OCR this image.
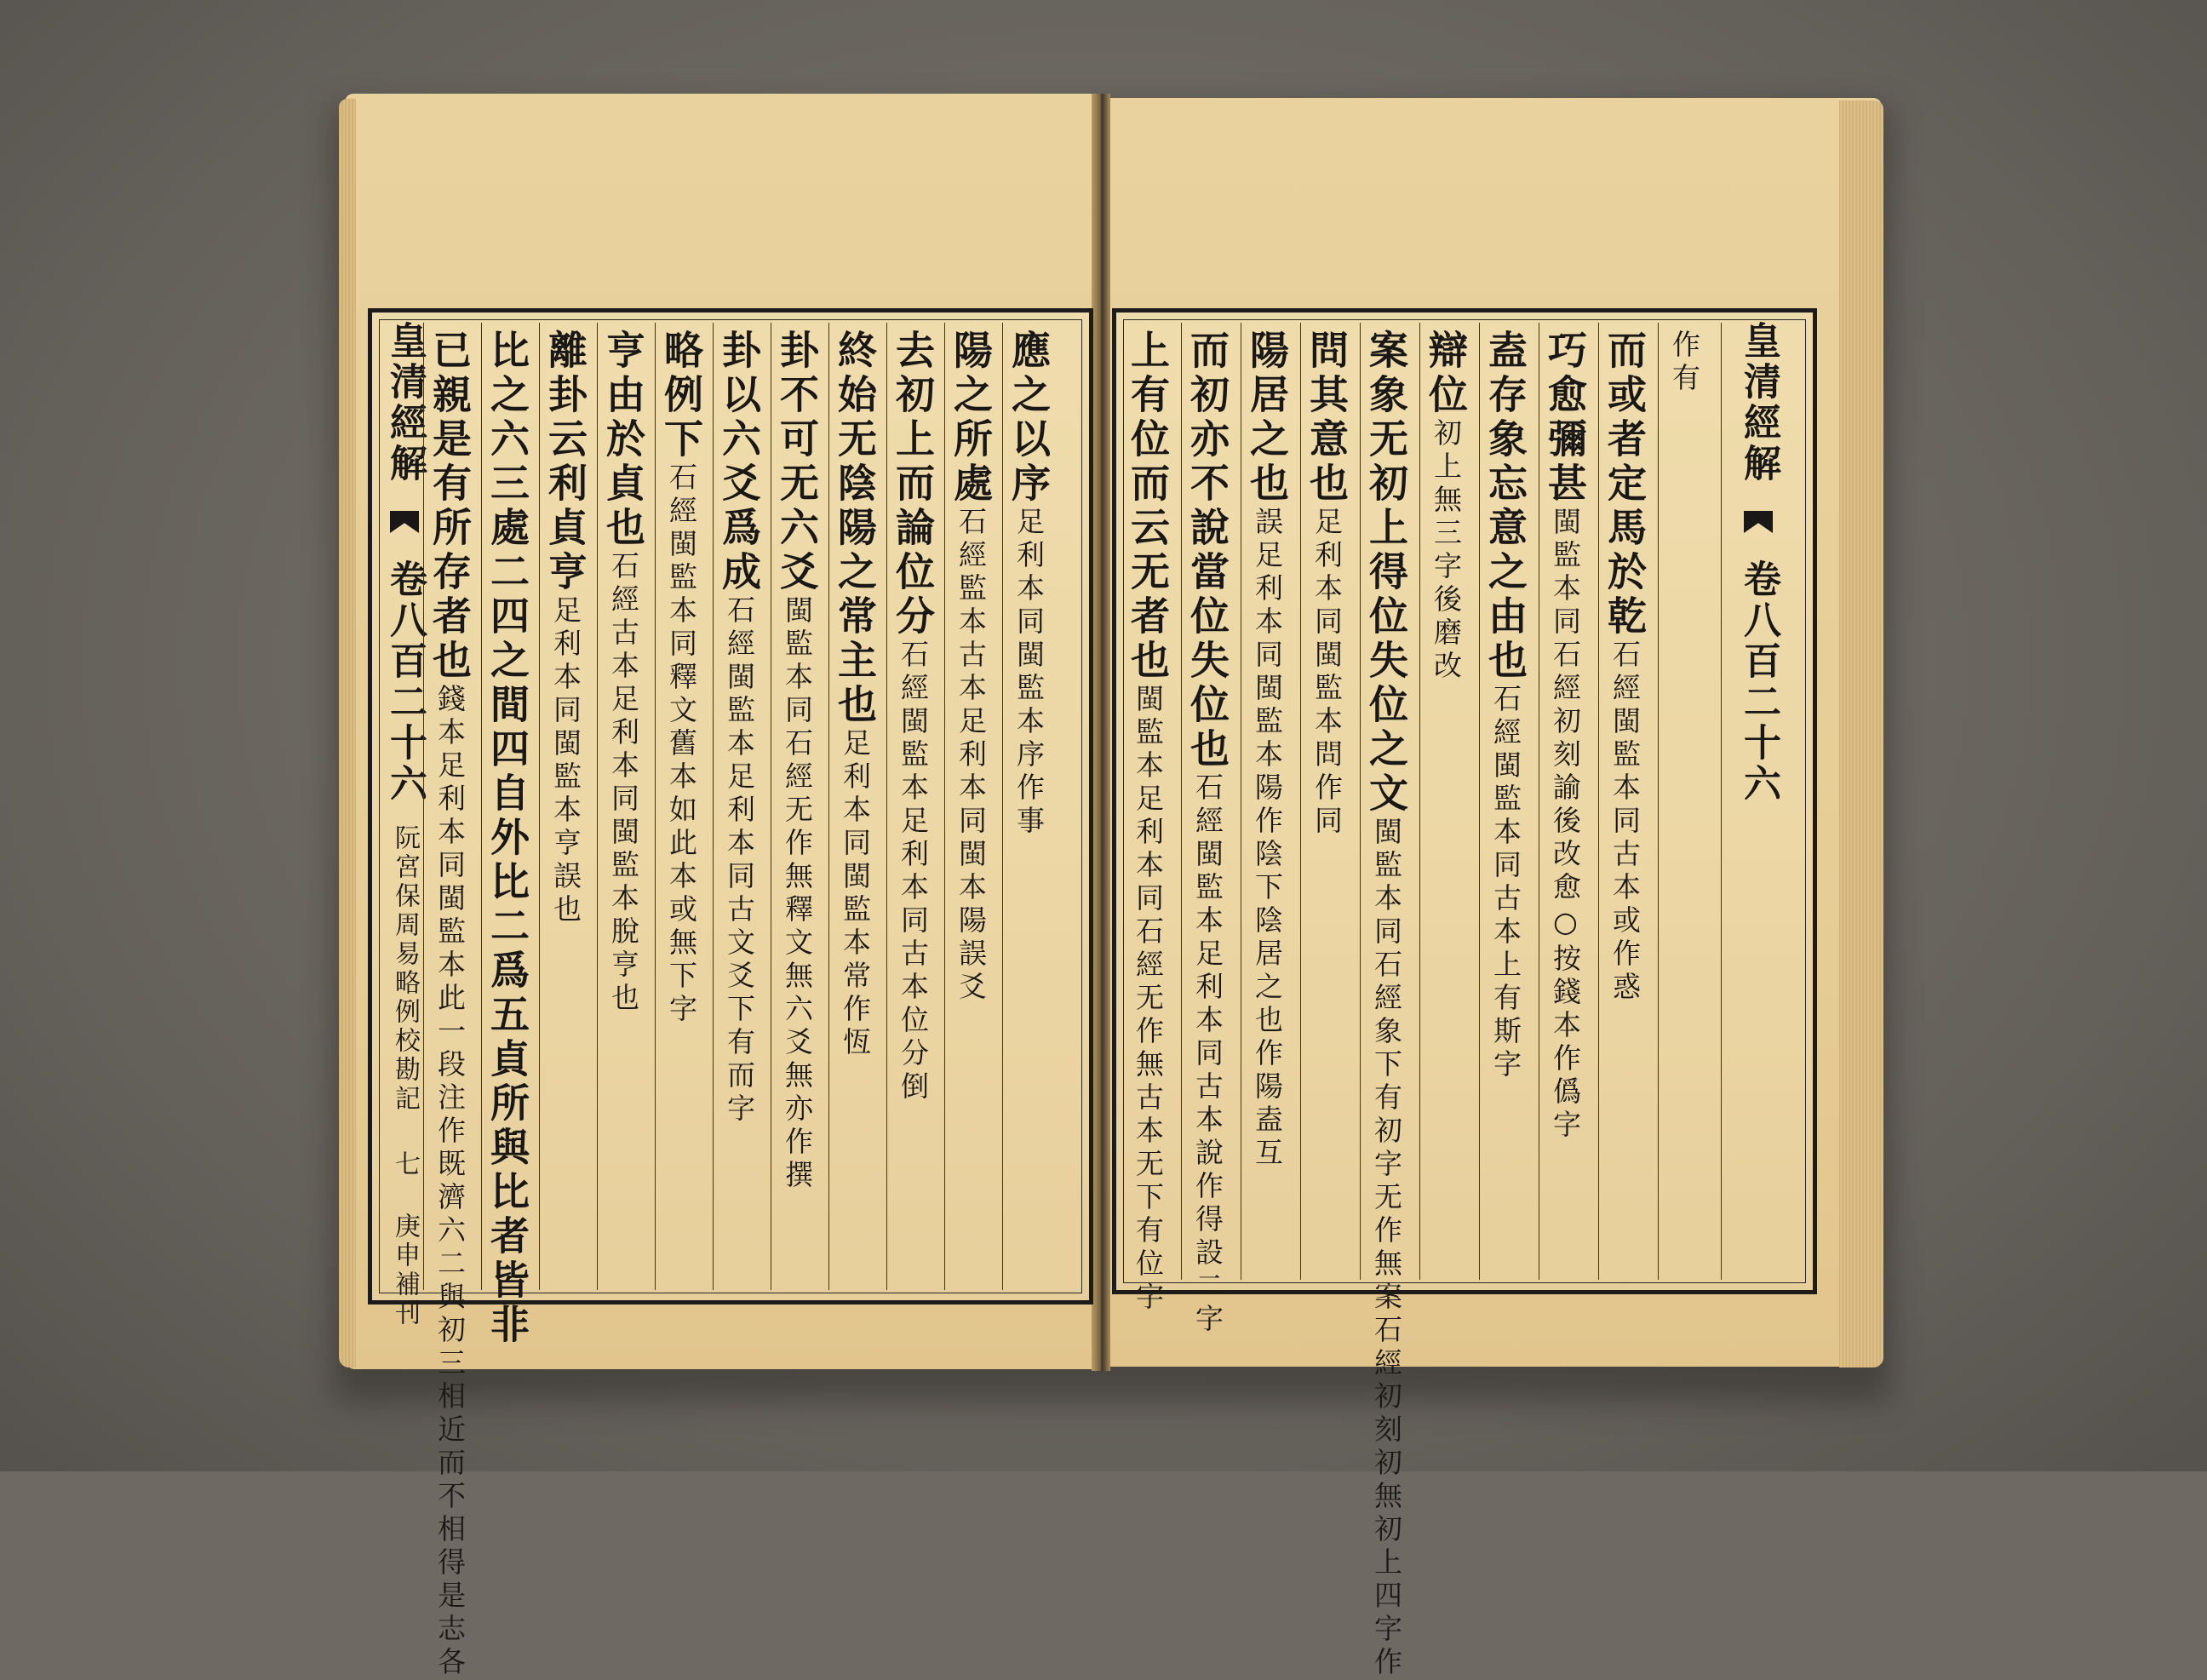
皇清經解  卷八百二十六 阮宮保周易略例校勘記 七 庚申補刊
已親是有所存者也錢本足利本同閩監本此一段注作既濟六二與初三相近而不相得是志各 比之六三處二四之間四自外比二爲五貞所與比者皆非 離卦云利貞亨足利本同閩監本亨誤也
亨由於貞也石經古本足利本同閩監本脫亨也
略例下石經閩監本同釋文舊本如此本或無下字 卦以六爻爲成石經閩監本足利本同古文爻下有而字
卦不可无六爻閩監本同石經无作無釋文無六爻無亦作撰
終始无陰陽之常主也足利本同閩監本常作恆
去初上而論位分石經閩監本足利本同古本位分倒
陽之所處石經監本古本足利本同閩本陽誤爻
應之以序足利本同閩監本序作事 上有位而云无者也閩監本足利本同石經无作無古本无下有位字
而初亦不說當位失位也石經閩監本足利本同古本說作得設二字
陽居之也誤足利本同閩監本陽作陰下陰居之也作陽盍互
問其意也足利本同閩監本問作同 案象无初上得位失位之文閩監本同石經象下有初字无作無案石經初刻初無初上四字作
辯位初上無三字後磨改 盍存象忘意之由也石經閩監本同古本上有斯字
巧愈彌甚閩監本同石經初刻諭後改愈○按錢本作僞字
而或者定馬於乾石經閩監本同古本或作惑
作有 皇清經解  卷八百二十六
